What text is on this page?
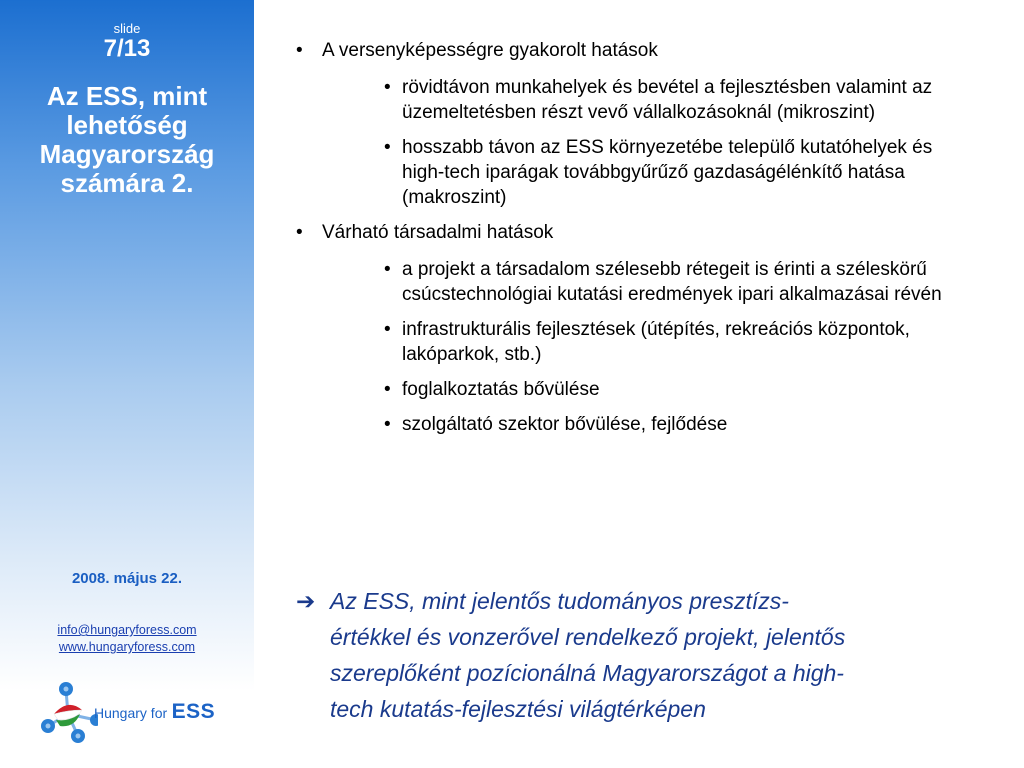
slide
7/13
Az ESS, mint
lehetőség
Magyarország
számára 2.
2008. május 22.
info@hungaryforess.com
www.hungaryforess.com
Hungary for ESS
• A versenyképességre gyakorolt hatások
• rövidtávon munkahelyek és bevétel a fejlesztésben valamint az üzemeltetésben részt vevő vállalkozásoknál (mikroszint)
• hosszabb távon az ESS környezetébe települő kutatóhelyek és high-tech iparágak továbbgyűrűző gazdaságélénkítő hatása (makroszint)
• Várható társadalmi hatások
• a projekt a társadalom szélesebb rétegeit is érinti a széleskörű csúcstechnológiai kutatási eredmények ipari alkalmazásai révén
• infrastrukturális fejlesztések (útépítés, rekreációs központok, lakóparkok, stb.)
• foglalkoztatás bővülése
• szolgáltató szektor bővülése, fejlődése
➔ Az ESS, mint jelentős tudományos presztízs-
értékkel és vonzerővel rendelkező projekt, jelentős
szereplőként pozícionálná Magyarországot a high-
tech kutatás-fejlesztési világtérképen
